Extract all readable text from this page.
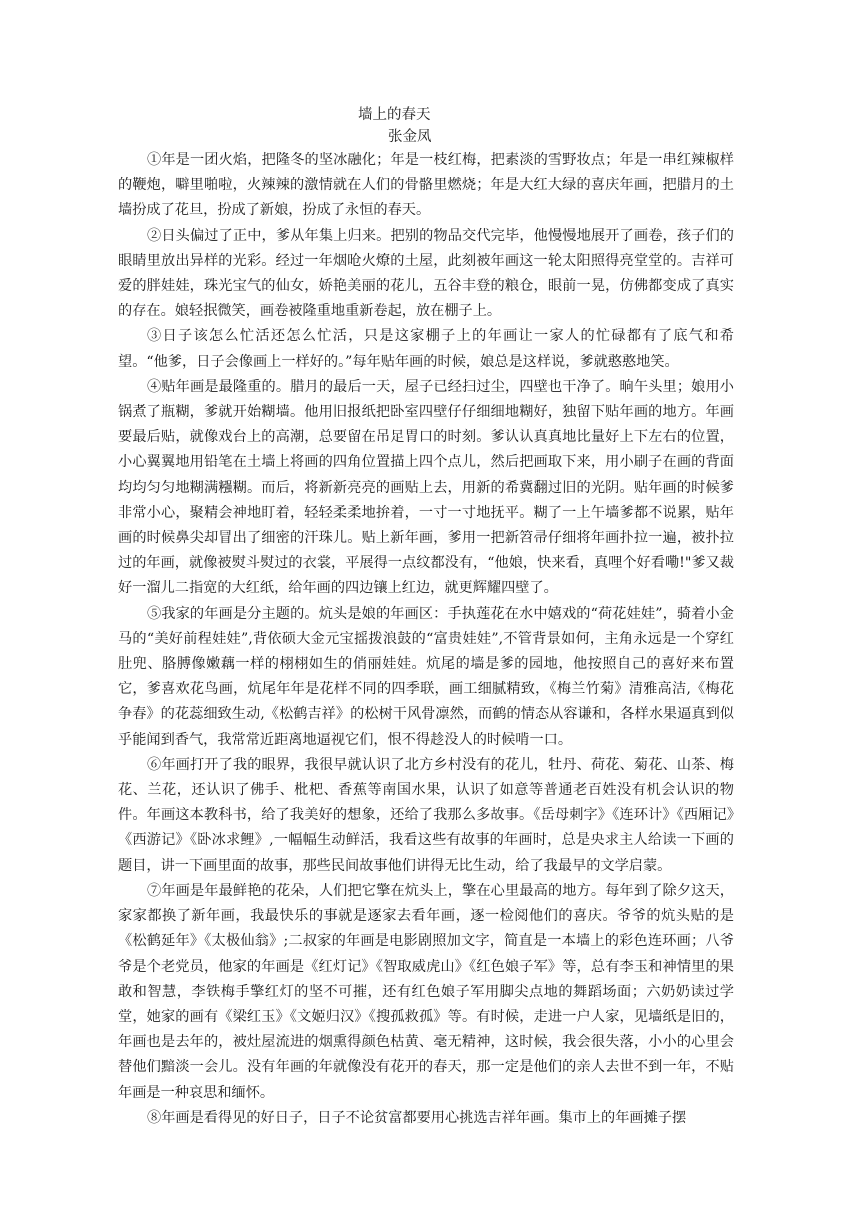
墙上的春天
张金凤

①年是一团火焰，把隆冬的坚冰融化；年是一枝红梅，把素淡的雪野妆点；年是一串红辣椒样的鞭炮，噼里啪啦，火辣辣的激情就在人们的骨骼里燃烧；年是大红大绿的喜庆年画，把腊月的土墙扮成了花旦，扮成了新娘，扮成了永恒的春天。

②日头偏过了正中，爹从年集上归来。把别的物品交代完毕，他慢慢地展开了画卷，孩子们的眼睛里放出异样的光彩。经过一年烟呛火燎的土屋，此刻被年画这一轮太阳照得亮堂堂的。吉祥可爱的胖娃娃，珠光宝气的仙女，娇艳美丽的花儿，五谷丰登的粮仓，眼前一晃，仿佛都变成了真实的存在。娘轻抿微笑，画卷被隆重地重新卷起，放在棚子上。

③日子该怎么忙活还怎么忙活，只是这家棚子上的年画让一家人的忙碌都有了底气和希望。“他爹，日子会像画上一样好的。”每年贴年画的时候，娘总是这样说，爹就憨憨地笑。

④贴年画是最隆重的。腊月的最后一天，屋子已经扫过尘，四壁也干净了。晌午头里；娘用小锅煮了瓶糊，爹就开始糊墙。他用旧报纸把卧室四壁仔仔细细地糊好，独留下贴年画的地方。年画要最后贴，就像戏台上的高潮，总要留在吊足胃口的时刻。爹认认真真地比量好上下左右的位置，小心翼翼地用铅笔在土墙上将画的四角位置描上四个点儿，然后把画取下来，用小刷子在画的背面均均匀匀地糊满糨糊。而后，将新新亮亮的画贴上去，用新的希冀翻过旧的光阴。贴年画的时候爹非常小心，聚精会神地盯着，轻轻柔柔地拚着，一寸一寸地抚平。糊了一上午墙爹都不说累，贴年画的时候鼻尖却冒出了细密的汗珠儿。贴上新年画，爹用一把新笤帚仔细将年画扑拉一遍，被扑拉过的年画，就像被熨斗熨过的衣裳，平展得一点纹都没有，“他娘，快来看，真哩个好看嘞!"爹又裁好一溜儿二指宽的大红纸，给年画的四边镶上红边，就更辉耀四壁了。

⑤我家的年画是分主题的。炕头是娘的年画区：手执莲花在水中嬉戏的“荷花娃娃”，骑着小金马的“美好前程娃娃”,背依硕大金元宝摇拨浪鼓的“富贵娃娃”,不管背景如何，主角永远是一个穿红肚兜、胳膊像嫩藕一样的栩栩如生的俏丽娃娃。炕尾的墙是爹的园地，他按照自己的喜好来布置它，爹喜欢花鸟画，炕尾年年是花样不同的四季联，画工细腻精致，《梅兰竹菊》清雅高洁,《梅花争春》的花蕊细致生动,《松鹤吉祥》的松树干风骨凛然，而鹤的情态从容谦和，各样水果逼真到似乎能闻到香气，我常常近距离地逼视它们，恨不得趁没人的时候啃一口。

⑥年画打开了我的眼界，我很早就认识了北方乡村没有的花儿，牡丹、荷花、菊花、山茶、梅花、兰花，还认识了佛手、枇杷、香蕉等南国水果，认识了如意等普通老百姓没有机会认识的物件。年画这本教科书，给了我美好的想象，还给了我那么多故事。《岳母刺字》《连环计》《西厢记》《西游记》《卧冰求鲤》,一幅幅生动鲜活，我看这些有故事的年画时，总是央求主人给读一下画的题目，讲一下画里面的故事，那些民间故事他们讲得无比生动，给了我最早的文学启蒙。

⑦年画是年最鲜艳的花朵，人们把它擎在炕头上，擎在心里最高的地方。每年到了除夕这天，家家都换了新年画，我最快乐的事就是逐家去看年画，逐一检阅他们的喜庆。爷爷的炕头贴的是《松鹤延年》《太极仙翁》;二叔家的年画是电影剧照加文字，简直是一本墙上的彩色连环画；八爷爷是个老党员，他家的年画是《红灯记》《智取威虎山》《红色娘子军》等，总有李玉和神情里的果敢和智慧，李铁梅手擎红灯的坚不可摧，还有红色娘子军用脚尖点地的舞蹈场面；六奶奶读过学堂，她家的画有《梁红玉》《文姬归汉》《搜孤救孤》等。有时候，走进一户人家，见墙纸是旧的，年画也是去年的，被灶屋流进的烟熏得颜色枯黄、毫无精神，这时候，我会很失落，小小的心里会替他们黯淡一会儿。没有年画的年就像没有花开的春天，那一定是他们的亲人去世不到一年，不贴年画是一种哀思和缅怀。

⑧年画是看得见的好日子，日子不论贫富都要用心挑选吉祥年画。集市上的年画摊子摆
